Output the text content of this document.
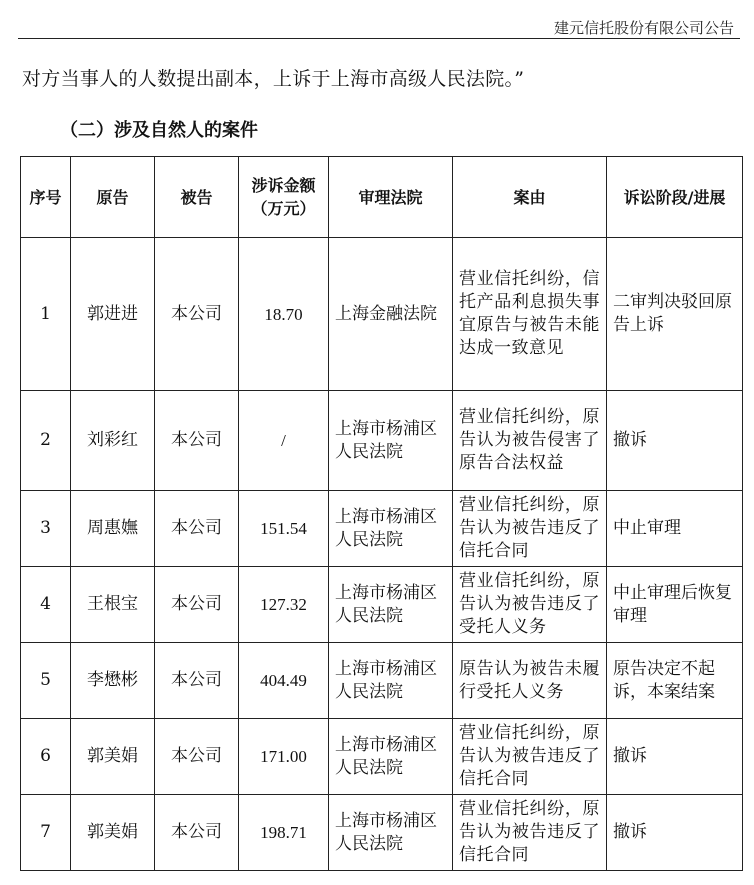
建元信托股份有限公司公告
对方当事人的人数提出副本，上诉于上海市高级人民法院。”
（二）涉及自然人的案件
序号	原告	被告	涉诉金额（万元）	审理法院	案由	诉讼阶段/进展
1	郭进进	本公司	18.70	上海金融法院	营业信托纠纷，信托产品利息损失事宜原告与被告未能达成一致意见	二审判决驳回原告上诉
2	刘彩红	本公司	/	上海市杨浦区人民法院	营业信托纠纷，原告认为被告侵害了原告合法权益	撤诉
3	周惠嫵	本公司	151.54	上海市杨浦区人民法院	营业信托纠纷，原告认为被告违反了信托合同	中止审理
4	王根宝	本公司	127.32	上海市杨浦区人民法院	营业信托纠纷，原告认为被告违反了受托人义务	中止审理后恢复审理
5	李懋彬	本公司	404.49	上海市杨浦区人民法院	原告认为被告未履行受托人义务	原告决定不起诉，本案结案
6	郭美娟	本公司	171.00	上海市杨浦区人民法院	营业信托纠纷，原告认为被告违反了信托合同	撤诉
7	郭美娟	本公司	198.71	上海市杨浦区人民法院	营业信托纠纷，原告认为被告违反了信托合同	撤诉
